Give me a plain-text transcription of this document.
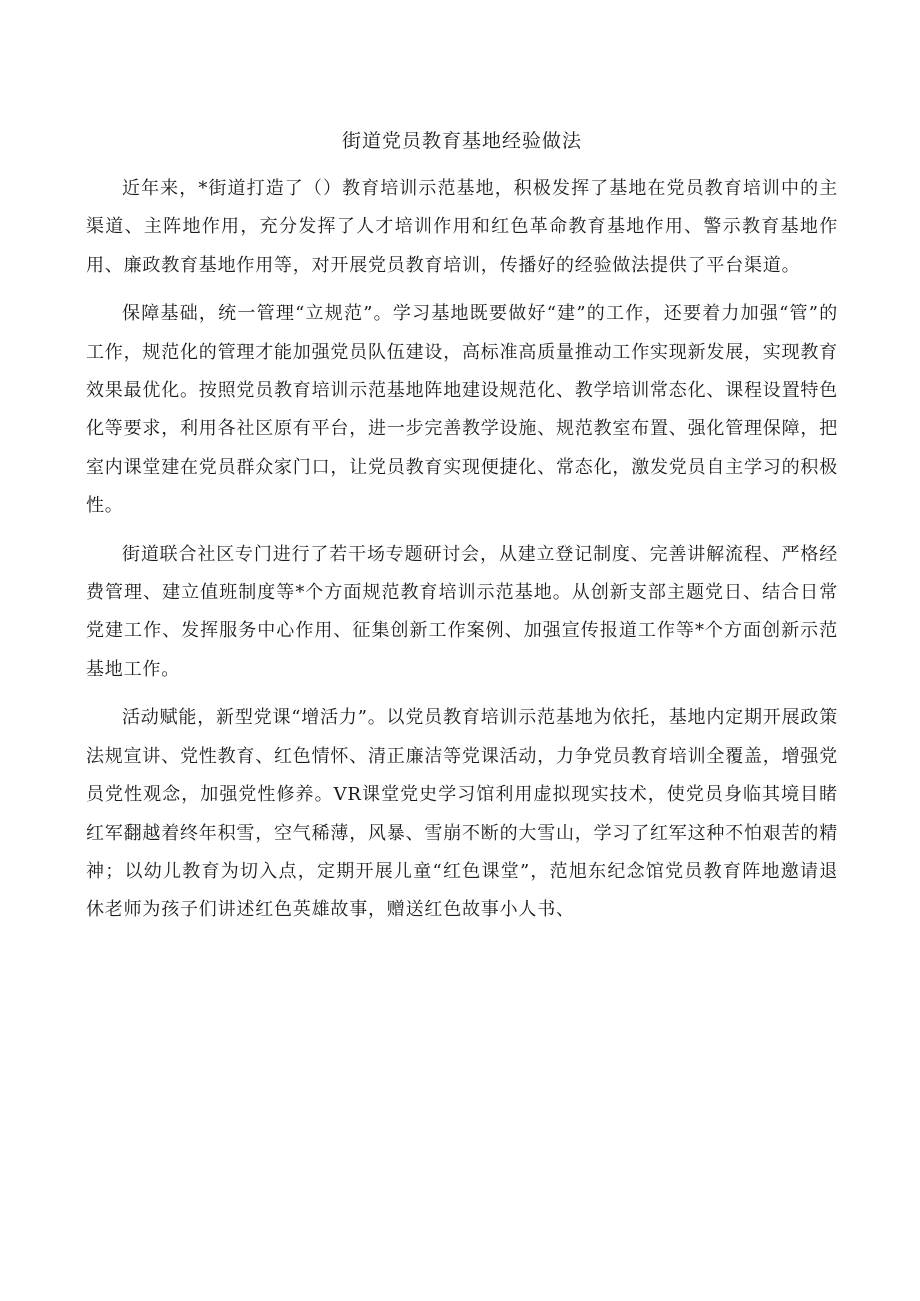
街道党员教育基地经验做法

近年来，*街道打造了（）教育培训示范基地，积极发挥了基地在党员教育培训中的主渠道、主阵地作用，充分发挥了人才培训作用和红色革命教育基地作用、警示教育基地作用、廉政教育基地作用等，对开展党员教育培训，传播好的经验做法提供了平台渠道。

保障基础，统一管理“立规范”。学习基地既要做好“建”的工作，还要着力加强“管”的工作，规范化的管理才能加强党员队伍建设，高标准高质量推动工作实现新发展，实现教育效果最优化。按照党员教育培训示范基地阵地建设规范化、教学培训常态化、课程设置特色化等要求，利用各社区原有平台，进一步完善教学设施、规范教室布置、强化管理保障，把室内课堂建在党员群众家门口，让党员教育实现便捷化、常态化，激发党员自主学习的积极性。

街道联合社区专门进行了若干场专题研讨会，从建立登记制度、完善讲解流程、严格经费管理、建立值班制度等*个方面规范教育培训示范基地。从创新支部主题党日、结合日常党建工作、发挥服务中心作用、征集创新工作案例、加强宣传报道工作等*个方面创新示范基地工作。

活动赋能，新型党课“增活力”。以党员教育培训示范基地为依托，基地内定期开展政策法规宣讲、党性教育、红色情怀、清正廉洁等党课活动，力争党员教育培训全覆盖，增强党员党性观念，加强党性修养。VR课堂党史学习馆利用虚拟现实技术，使党员身临其境目睹红军翻越着终年积雪，空气稀薄，风暴、雪崩不断的大雪山，学习了红军这种不怕艰苦的精神；以幼儿教育为切入点，定期开展儿童“红色课堂”，范旭东纪念馆党员教育阵地邀请退休老师为孩子们讲述红色英雄故事，赠送红色故事小人书、
